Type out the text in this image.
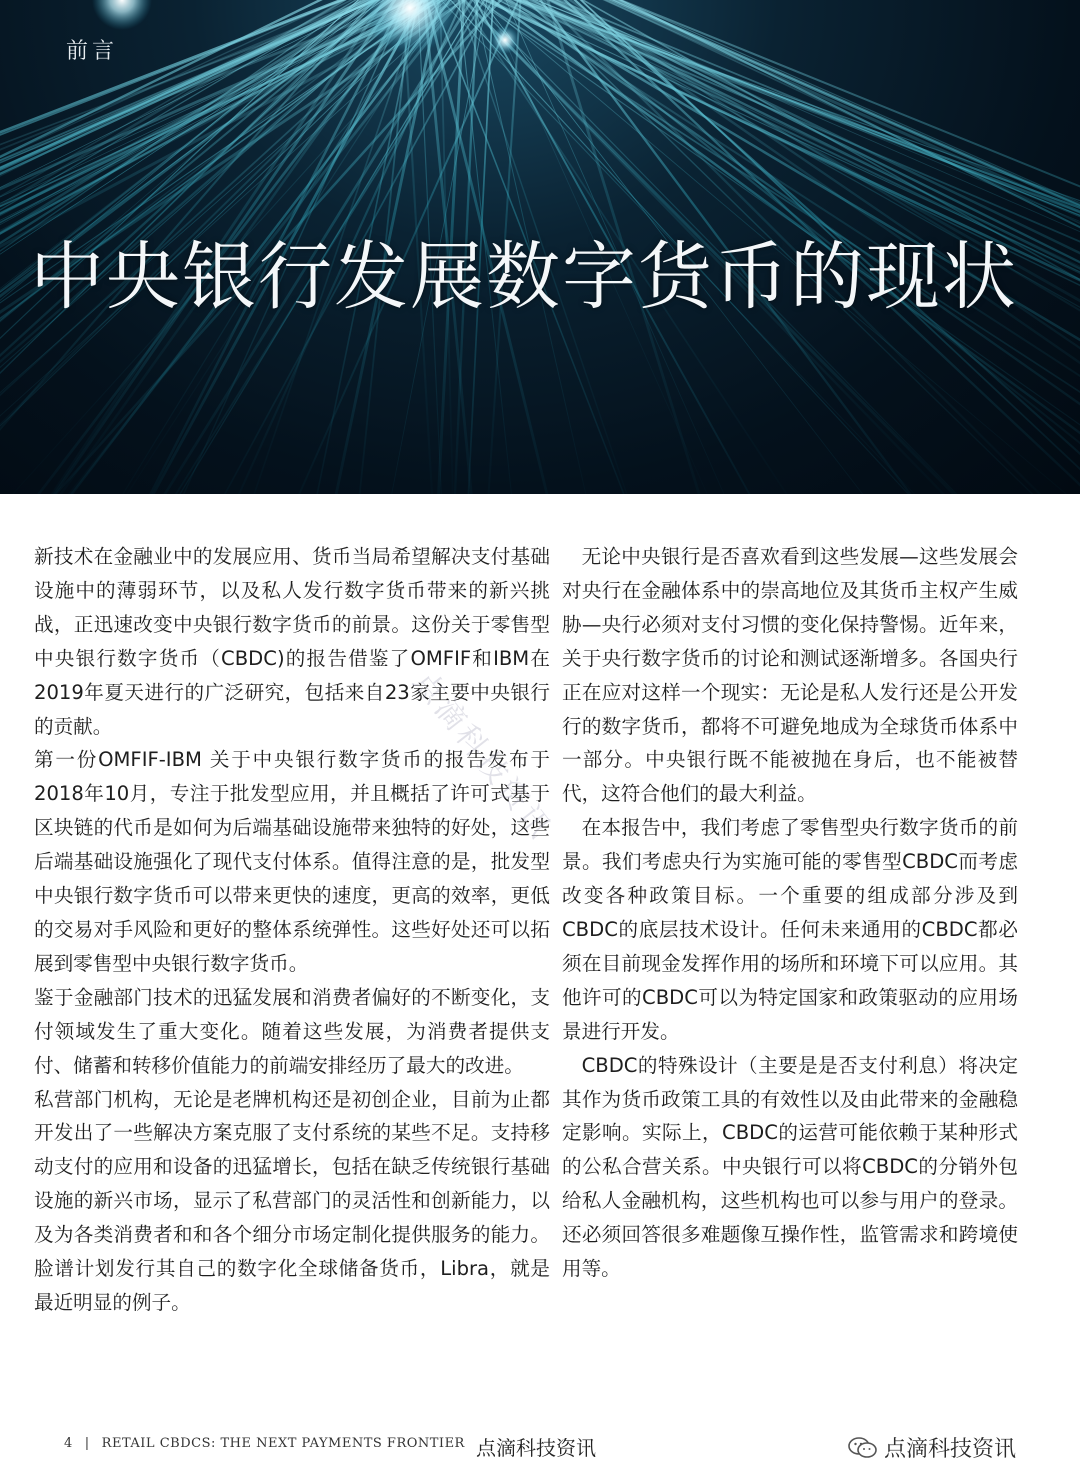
前言
中央银行发展数字货币的现状

新技术在金融业中的发展应用、货币当局希望解决支付基础设施中的薄弱环节，以及私人发行数字货币带来的新兴挑战，正迅速改变中央银行数字货币的前景。这份关于零售型中央银行数字货币（CBDC)的报告借鉴了OMFIF和IBM在2019年夏天进行的广泛研究，包括来自23家主要中央银行的贡献。

第一份OMFIF-IBM 关于中央银行数字货币的报告发布于2018年10月，专注于批发型应用，并且概括了许可式基于区块链的代币是如何为后端基础设施带来独特的好处，这些后端基础设施强化了现代支付体系。值得注意的是，批发型中央银行数字货币可以带来更快的速度，更高的效率，更低的交易对手风险和更好的整体系统弹性。这些好处还可以拓展到零售型中央银行数字货币。

鉴于金融部门技术的迅猛发展和消费者偏好的不断变化，支付领域发生了重大变化。随着这些发展，为消费者提供支付、储蓄和转移价值能力的前端安排经历了最大的改进。

私营部门机构，无论是老牌机构还是初创企业，目前为止都开发出了一些解决方案克服了支付系统的某些不足。支持移动支付的应用和设备的迅猛增长，包括在缺乏传统银行基础设施的新兴市场，显示了私营部门的灵活性和创新能力，以及为各类消费者和和各个细分市场定制化提供服务的能力。脸谱计划发行其自己的数字化全球储备货币，Libra，就是最近明显的例子。

无论中央银行是否喜欢看到这些发展—这些发展会对央行在金融体系中的崇高地位及其货币主权产生威胁—央行必须对支付习惯的变化保持警惕。近年来，关于央行数字货币的讨论和测试逐渐增多。各国央行正在应对这样一个现实：无论是私人发行还是公开发行的数字货币，都将不可避免地成为全球货币体系中一部分。中央银行既不能被抛在身后，也不能被替代，这符合他们的最大利益。

在本报告中，我们考虑了零售型央行数字货币的前景。我们考虑央行为实施可能的零售型CBDC而考虑改变各种政策目标。一个重要的组成部分涉及到CBDC的底层技术设计。任何未来通用的CBDC都必须在目前现金发挥作用的场所和环境下可以应用。其他许可的CBDC可以为特定国家和政策驱动的应用场景进行开发。

CBDC的特殊设计（主要是是否支付利息）将决定其作为货币政策工具的有效性以及由此带来的金融稳定影响。实际上，CBDC的运营可能依赖于某种形式的公私合营关系。中央银行可以将CBDC的分销外包给私人金融机构，这些机构也可以参与用户的登录。还必须回答很多难题像互操作性，监管需求和跨境使用等。

点滴科技资讯
4 | RETAIL CBDCS: THE NEXT PAYMENTS FRONTIER 点滴科技资讯	点滴科技资讯
